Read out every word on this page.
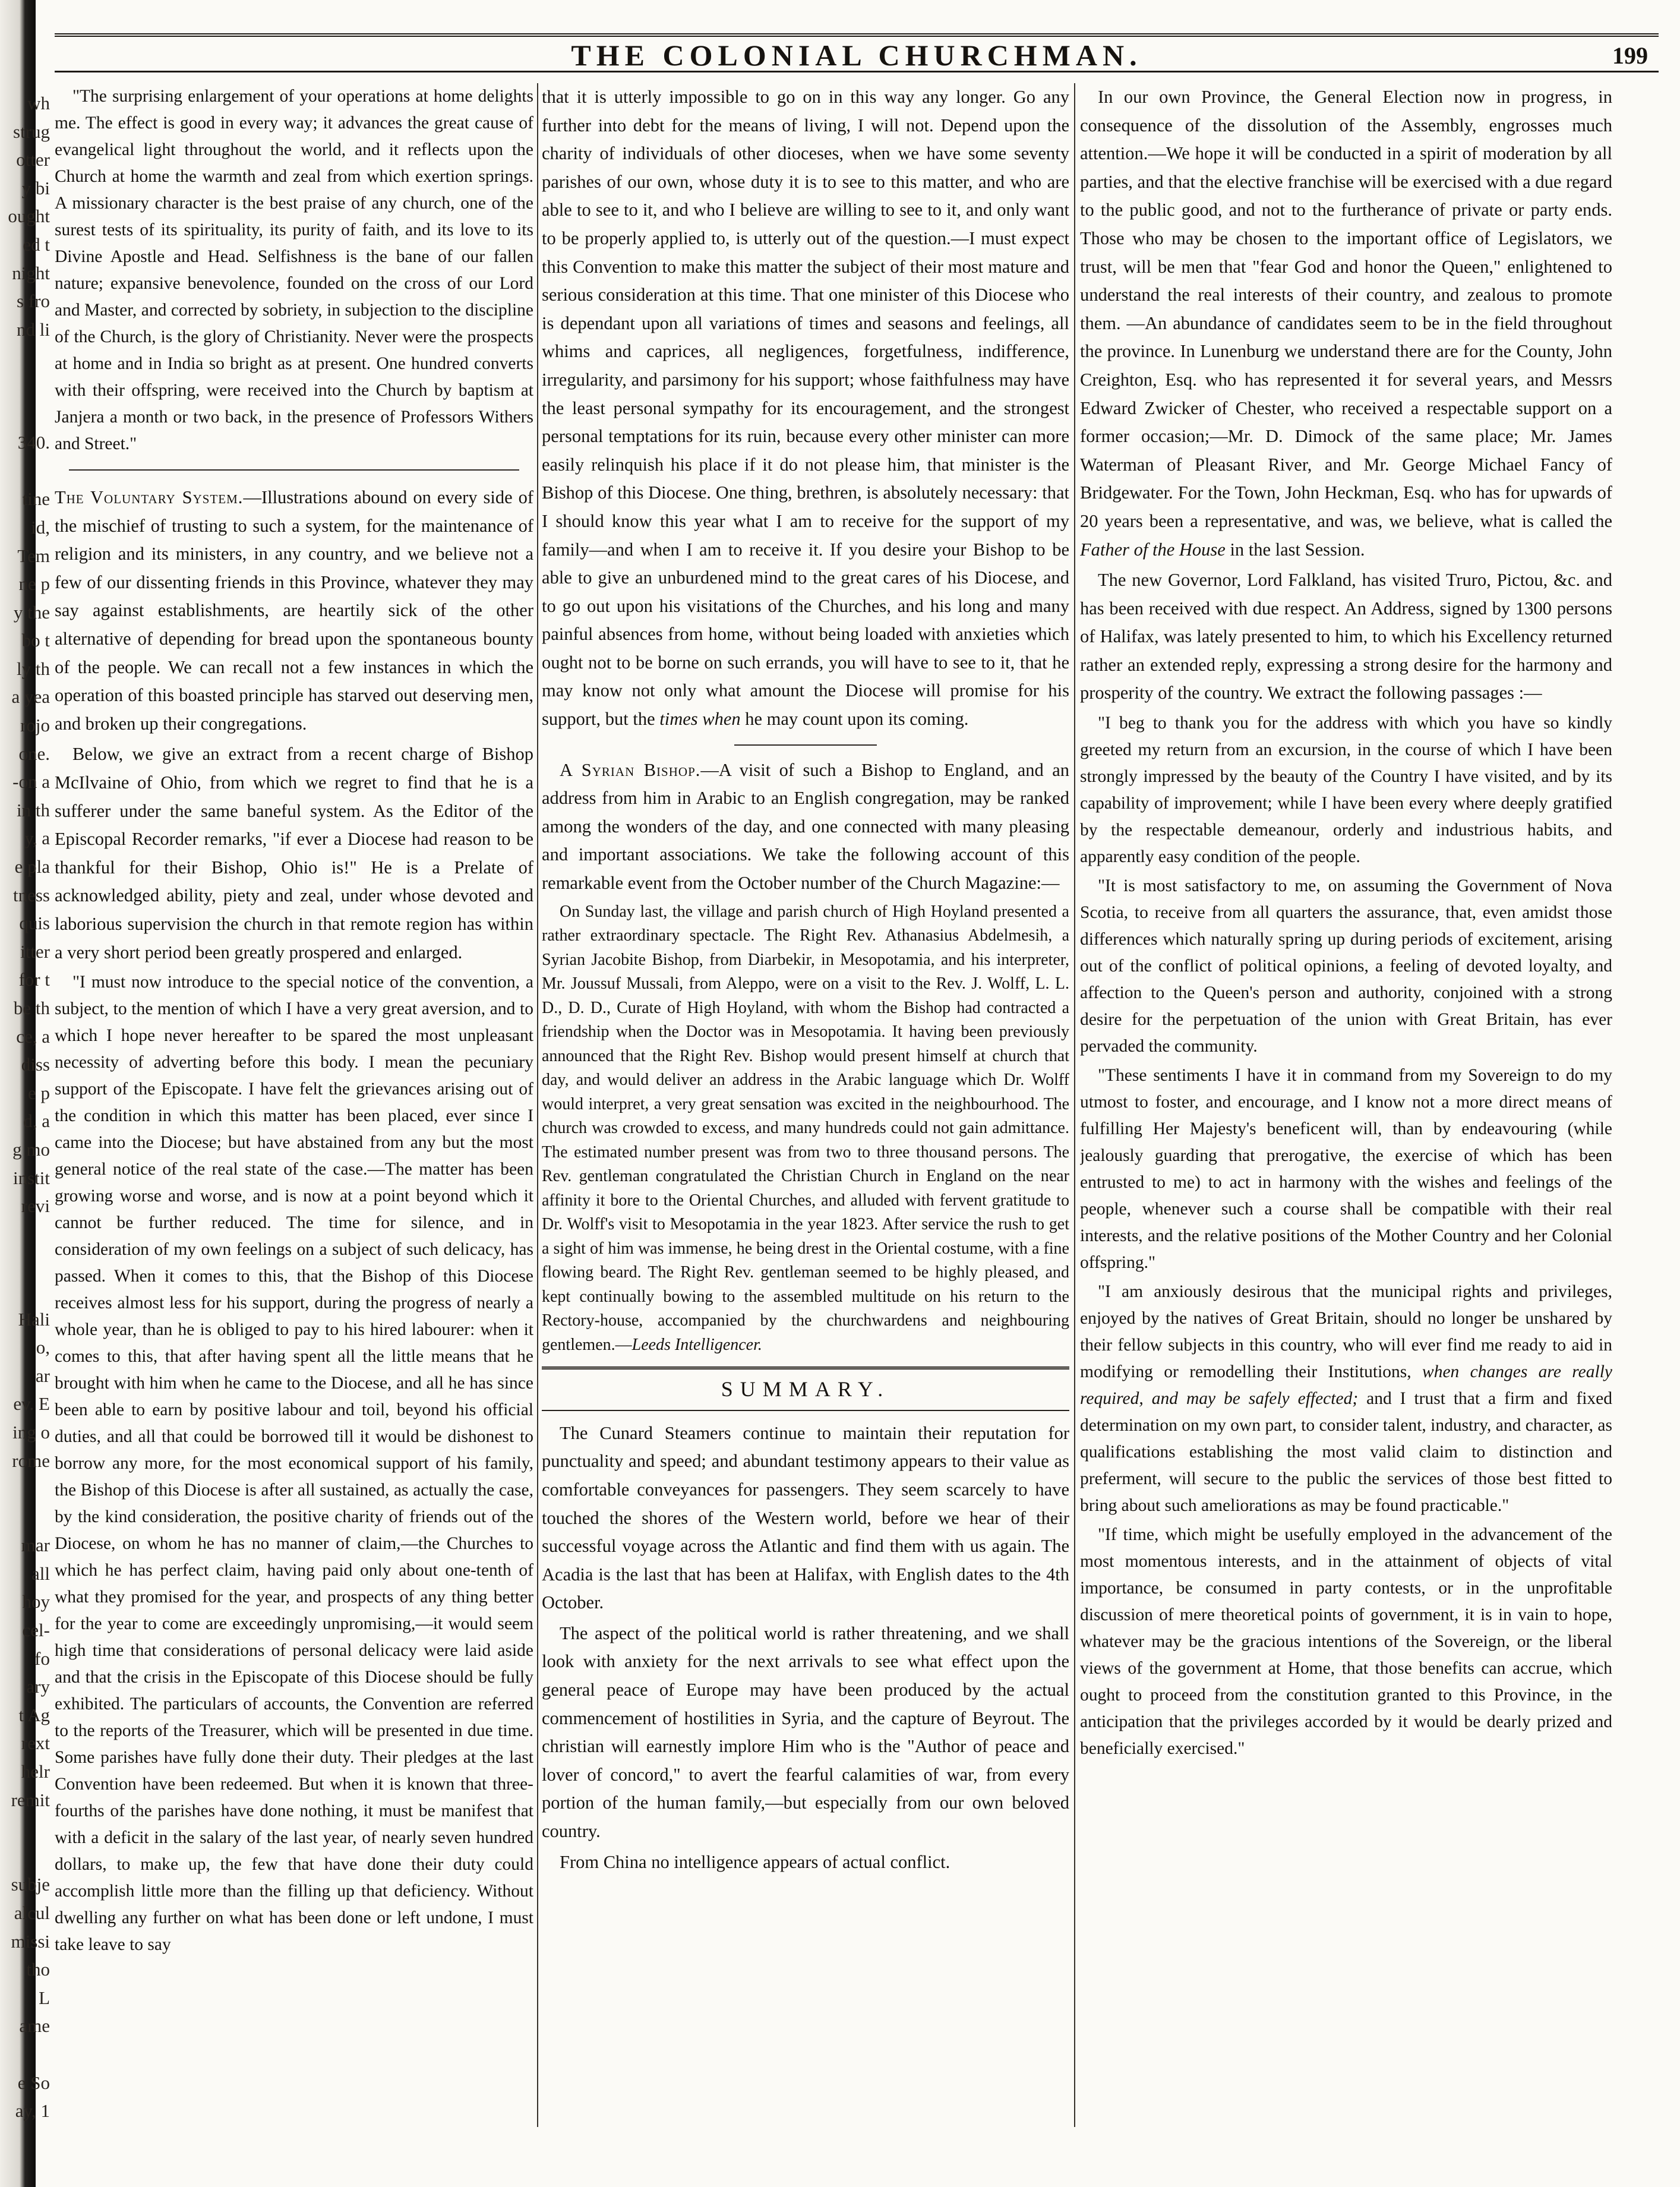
wh
strug
otter
y bi
ought
ed t
night
s fro
nd li

340.

tine
id,
Tem
ne p
y the
bo t
ly th
a yea
rojo
one.
-on a
in th
y, a
e pla
tness
quis
itter
for t
be th
ce, a
diss
e p
d, a
g mo
instit
revi

Hali
o,
ar
ev. E
ing o
rome

mar
all
hoy
cel-
fo
ary
t Ag
rext
helr
remit

subje
alcul
missi
tho
L
ame

e So
ay, 1
THE COLONIAL CHURCHMAN.	199

"The surprising enlargement of your operations at home delights me. The effect is good in every way; it advances the great cause of evangelical light throughout the world, and it reflects upon the Church at home the warmth and zeal from which exertion springs. A missionary character is the best praise of any church, one of the surest tests of its spirituality, its purity of faith, and its love to its Divine Apostle and Head. Selfishness is the bane of our fallen nature; expansive benevolence, founded on the cross of our Lord and Master, and corrected by sobriety, in subjection to the discipline of the Church, is the glory of Christianity. Never were the prospects at home and in India so bright as at present. One hundred converts with their offspring, were received into the Church by baptism at Janjera a month or two back, in the presence of Professors Withers and Street."

The Voluntary System.—Illustrations abound on every side of the mischief of trusting to such a system, for the maintenance of religion and its ministers, in any country, and we believe not a few of our dissenting friends in this Province, whatever they may say against establishments, are heartily sick of the other alternative of depending for bread upon the spontaneous bounty of the people. We can recall not a few instances in which the operation of this boasted principle has starved out deserving men, and broken up their congregations.

Below, we give an extract from a recent charge of Bishop McIlvaine of Ohio, from which we regret to find that he is a sufferer under the same baneful system. As the Editor of the Episcopal Recorder remarks, "if ever a Diocese had reason to be thankful for their Bishop, Ohio is!" He is a Prelate of acknowledged ability, piety and zeal, under whose devoted and laborious supervision the church in that remote region has within a very short period been greatly prospered and enlarged.

"I must now introduce to the special notice of the convention, a subject, to the mention of which I have a very great aversion, and to which I hope never hereafter to be spared the most unpleasant necessity of adverting before this body. I mean the pecuniary support of the Episcopate. I have felt the grievances arising out of the condition in which this matter has been placed, ever since I came into the Diocese; but have abstained from any but the most general notice of the real state of the case.—The matter has been growing worse and worse, and is now at a point beyond which it cannot be further reduced. The time for silence, and in consideration of my own feelings on a subject of such delicacy, has passed. When it comes to this, that the Bishop of this Diocese receives almost less for his support, during the progress of nearly a whole year, than he is obliged to pay to his hired labourer: when it comes to this, that after having spent all the little means that he brought with him when he came to the Diocese, and all he has since been able to earn by positive labour and toil, beyond his official duties, and all that could be borrowed till it would be dishonest to borrow any more, for the most economical support of his family, the Bishop of this Diocese is after all sustained, as actually the case, by the kind consideration, the positive charity of friends out of the Diocese, on whom he has no manner of claim,—the Churches to which he has perfect claim, having paid only about one-tenth of what they promised for the year, and prospects of any thing better for the year to come are exceedingly unpromising,—it would seem high time that considerations of personal delicacy were laid aside and that the crisis in the Episcopate of this Diocese should be fully exhibited. The particulars of accounts, the Convention are referred to the reports of the Treasurer, which will be presented in due time. Some parishes have fully done their duty. Their pledges at the last Convention have been redeemed. But when it is known that three-fourths of the parishes have done nothing, it must be manifest that with a deficit in the salary of the last year, of nearly seven hundred dollars, to make up, the few that have done their duty could accomplish little more than the filling up that deficiency. Without dwelling any further on what has been done or left undone, I must take leave to say

that it is utterly impossible to go on in this way any longer. Go any further into debt for the means of living, I will not. Depend upon the charity of individuals of other dioceses, when we have some seventy parishes of our own, whose duty it is to see to this matter, and who are able to see to it, and who I believe are willing to see to it, and only want to be properly applied to, is utterly out of the question.—I must expect this Convention to make this matter the subject of their most mature and serious consideration at this time. That one minister of this Diocese who is dependant upon all variations of times and seasons and feelings, all whims and caprices, all negligences, forgetfulness, indifference, irregularity, and parsimony for his support; whose faithfulness may have the least personal sympathy for its encouragement, and the strongest personal temptations for its ruin, because every other minister can more easily relinquish his place if it do not please him, that minister is the Bishop of this Diocese. One thing, brethren, is absolutely necessary: that I should know this year what I am to receive for the support of my family—and when I am to receive it. If you desire your Bishop to be able to give an unburdened mind to the great cares of his Diocese, and to go out upon his visitations of the Churches, and his long and many painful absences from home, without being loaded with anxieties which ought not to be borne on such errands, you will have to see to it, that he may know not only what amount the Diocese will promise for his support, but the times when he may count upon its coming.

A Syrian Bishop.—A visit of such a Bishop to England, and an address from him in Arabic to an English congregation, may be ranked among the wonders of the day, and one connected with many pleasing and important associations. We take the following account of this remarkable event from the October number of the Church Magazine:—

On Sunday last, the village and parish church of High Hoyland presented a rather extraordinary spectacle. The Right Rev. Athanasius Abdelmesih, a Syrian Jacobite Bishop, from Diarbekir, in Mesopotamia, and his interpreter, Mr. Joussuf Mussali, from Aleppo, were on a visit to the Rev. J. Wolff, L. L. D., D. D., Curate of High Hoyland, with whom the Bishop had contracted a friendship when the Doctor was in Mesopotamia. It having been previously announced that the Right Rev. Bishop would present himself at church that day, and would deliver an address in the Arabic language which Dr. Wolff would interpret, a very great sensation was excited in the neighbourhood. The church was crowded to excess, and many hundreds could not gain admittance. The estimated number present was from two to three thousand persons. The Rev. gentleman congratulated the Christian Church in England on the near affinity it bore to the Oriental Churches, and alluded with fervent gratitude to Dr. Wolff's visit to Mesopotamia in the year 1823. After service the rush to get a sight of him was immense, he being drest in the Oriental costume, with a fine flowing beard. The Right Rev. gentleman seemed to be highly pleased, and kept continually bowing to the assembled multitude on his return to the Rectory-house, accompanied by the churchwardens and neighbouring gentlemen.—Leeds Intelligencer.

SUMMARY.

The Cunard Steamers continue to maintain their reputation for punctuality and speed; and abundant testimony appears to their value as comfortable conveyances for passengers. They seem scarcely to have touched the shores of the Western world, before we hear of their successful voyage across the Atlantic and find them with us again. The Acadia is the last that has been at Halifax, with English dates to the 4th October.

The aspect of the political world is rather threatening, and we shall look with anxiety for the next arrivals to see what effect upon the general peace of Europe may have been produced by the actual commencement of hostilities in Syria, and the capture of Beyrout. The christian will earnestly implore Him who is the "Author of peace and lover of concord," to avert the fearful calamities of war, from every portion of the human family,—but especially from our own beloved country.

From China no intelligence appears of actual conflict.

In our own Province, the General Election now in progress, in consequence of the dissolution of the Assembly, engrosses much attention.—We hope it will be conducted in a spirit of moderation by all parties, and that the elective franchise will be exercised with a due regard to the public good, and not to the furtherance of private or party ends. Those who may be chosen to the important office of Legislators, we trust, will be men that "fear God and honor the Queen," enlightened to understand the real interests of their country, and zealous to promote them. —An abundance of candidates seem to be in the field throughout the province. In Lunenburg we understand there are for the County, John Creighton, Esq. who has represented it for several years, and Messrs Edward Zwicker of Chester, who received a respectable support on a former occasion;—Mr. D. Dimock of the same place; Mr. James Waterman of Pleasant River, and Mr. George Michael Fancy of Bridgewater. For the Town, John Heckman, Esq. who has for upwards of 20 years been a representative, and was, we believe, what is called the Father of the House in the last Session.

The new Governor, Lord Falkland, has visited Truro, Pictou, &c. and has been received with due respect. An Address, signed by 1300 persons of Halifax, was lately presented to him, to which his Excellency returned rather an extended reply, expressing a strong desire for the harmony and prosperity of the country. We extract the following passages :—

"I beg to thank you for the address with which you have so kindly greeted my return from an excursion, in the course of which I have been strongly impressed by the beauty of the Country I have visited, and by its capability of improvement; while I have been every where deeply gratified by the respectable demeanour, orderly and industrious habits, and apparently easy condition of the people.

"It is most satisfactory to me, on assuming the Government of Nova Scotia, to receive from all quarters the assurance, that, even amidst those differences which naturally spring up during periods of excitement, arising out of the conflict of political opinions, a feeling of devoted loyalty, and affection to the Queen's person and authority, conjoined with a strong desire for the perpetuation of the union with Great Britain, has ever pervaded the community.

"These sentiments I have it in command from my Sovereign to do my utmost to foster, and encourage, and I know not a more direct means of fulfilling Her Majesty's beneficent will, than by endeavouring (while jealously guarding that prerogative, the exercise of which has been entrusted to me) to act in harmony with the wishes and feelings of the people, whenever such a course shall be compatible with their real interests, and the relative positions of the Mother Country and her Colonial offspring."

"I am anxiously desirous that the municipal rights and privileges, enjoyed by the natives of Great Britain, should no longer be unshared by their fellow subjects in this country, who will ever find me ready to aid in modifying or remodelling their Institutions, when changes are really required, and may be safely effected; and I trust that a firm and fixed determination on my own part, to consider talent, industry, and character, as qualifications establishing the most valid claim to distinction and preferment, will secure to the public the services of those best fitted to bring about such ameliorations as may be found practicable."

"If time, which might be usefully employed in the advancement of the most momentous interests, and in the attainment of objects of vital importance, be consumed in party contests, or in the unprofitable discussion of mere theoretical points of government, it is in vain to hope, whatever may be the gracious intentions of the Sovereign, or the liberal views of the government at Home, that those benefits can accrue, which ought to proceed from the constitution granted to this Province, in the anticipation that the privileges accorded by it would be dearly prized and beneficially exercised."
